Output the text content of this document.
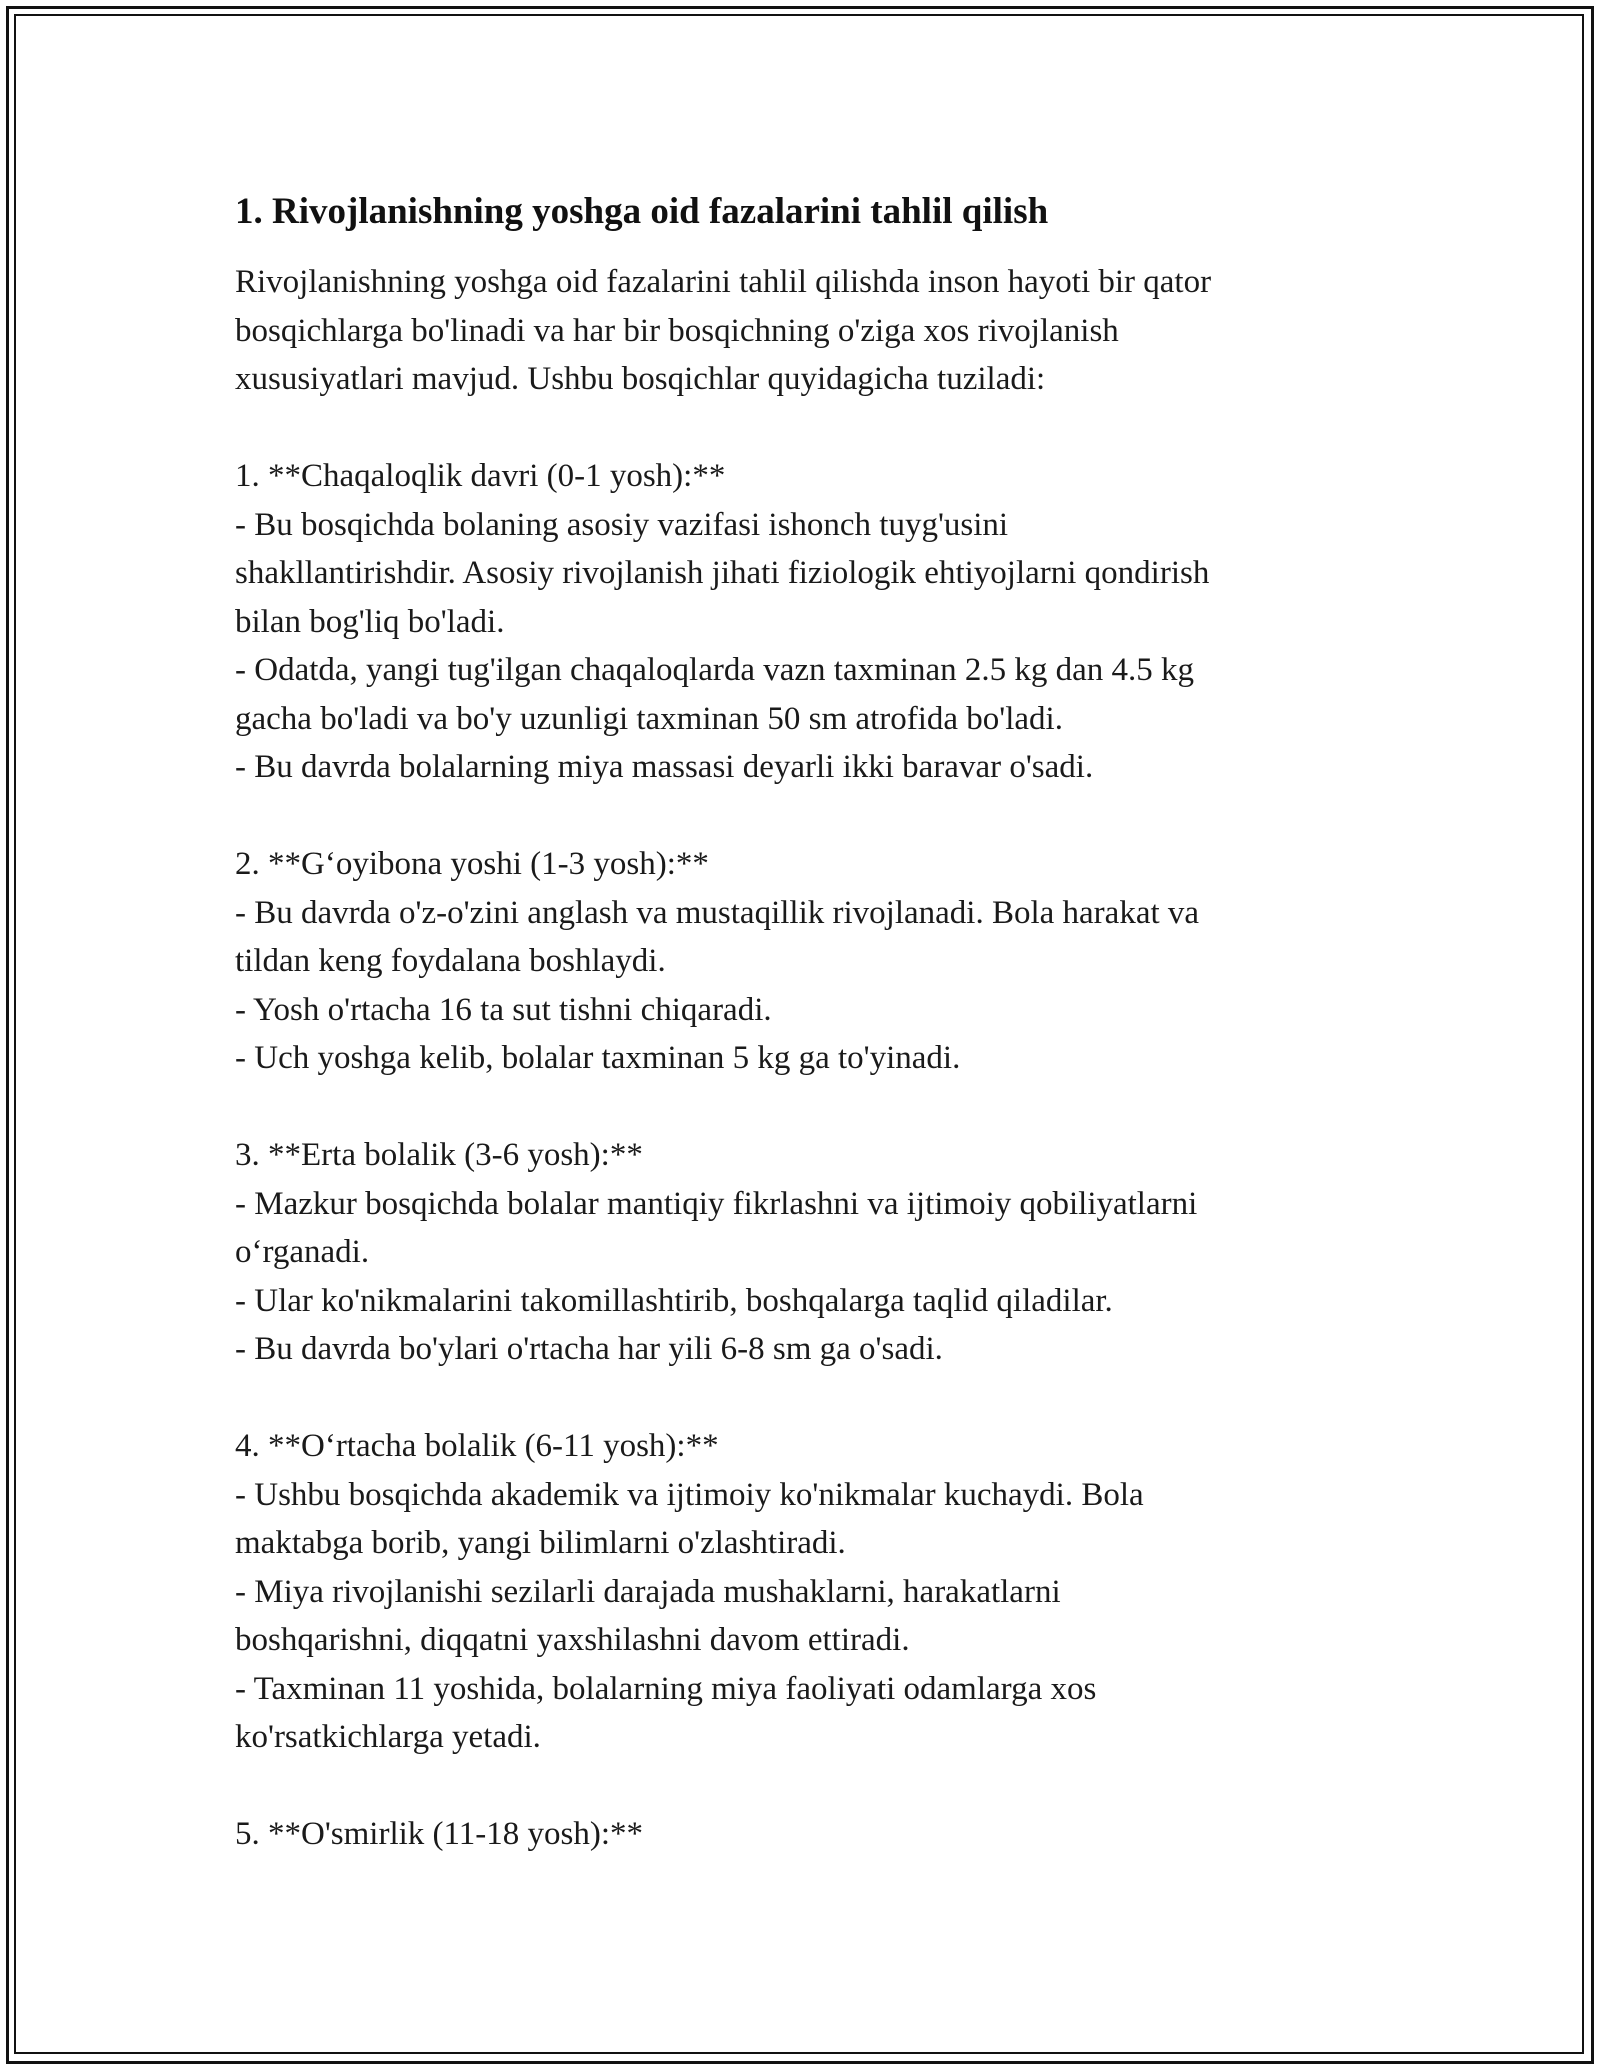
1. Rivojlanishning yoshga oid fazalarini tahlil qilish

Rivojlanishning yoshga oid fazalarini tahlil qilishda inson hayoti bir qator
bosqichlarga bo'linadi va har bir bosqichning o'ziga xos rivojlanish
xususiyatlari mavjud. Ushbu bosqichlar quyidagicha tuziladi:

1. **Chaqaloqlik davri (0-1 yosh):**

- Bu bosqichda bolaning asosiy vazifasi ishonch tuyg'usini
shakllantirishdir. Asosiy rivojlanish jihati fiziologik ehtiyojlarni qondirish
bilan bog'liq bo'ladi.

- Odatda, yangi tug'ilgan chaqaloqlarda vazn taxminan 2.5 kg dan 4.5 kg
gacha bo'ladi va bo'y uzunligi taxminan 50 sm atrofida bo'ladi.

- Bu davrda bolalarning miya massasi deyarli ikki baravar o'sadi.

2. **G‘oyibona yoshi (1-3 yosh):**

- Bu davrda o'z-o'zini anglash va mustaqillik rivojlanadi. Bola harakat va
tildan keng foydalana boshlaydi.

- Yosh o'rtacha 16 ta sut tishni chiqaradi.

- Uch yoshga kelib, bolalar taxminan 5 kg ga to'yinadi.

3. **Erta bolalik (3-6 yosh):**

- Mazkur bosqichda bolalar mantiqiy fikrlashni va ijtimoiy qobiliyatlarni
o‘rganadi.

- Ular ko'nikmalarini takomillashtirib, boshqalarga taqlid qiladilar.

- Bu davrda bo'ylari o'rtacha har yili 6-8 sm ga o'sadi.

4. **O‘rtacha bolalik (6-11 yosh):**

- Ushbu bosqichda akademik va ijtimoiy ko'nikmalar kuchaydi. Bola
maktabga borib, yangi bilimlarni o'zlashtiradi.

- Miya rivojlanishi sezilarli darajada mushaklarni, harakatlarni
boshqarishni, diqqatni yaxshilashni davom ettiradi.

- Taxminan 11 yoshida, bolalarning miya faoliyati odamlarga xos
ko'rsatkichlarga yetadi.

5. **O'smirlik (11-18 yosh):**
